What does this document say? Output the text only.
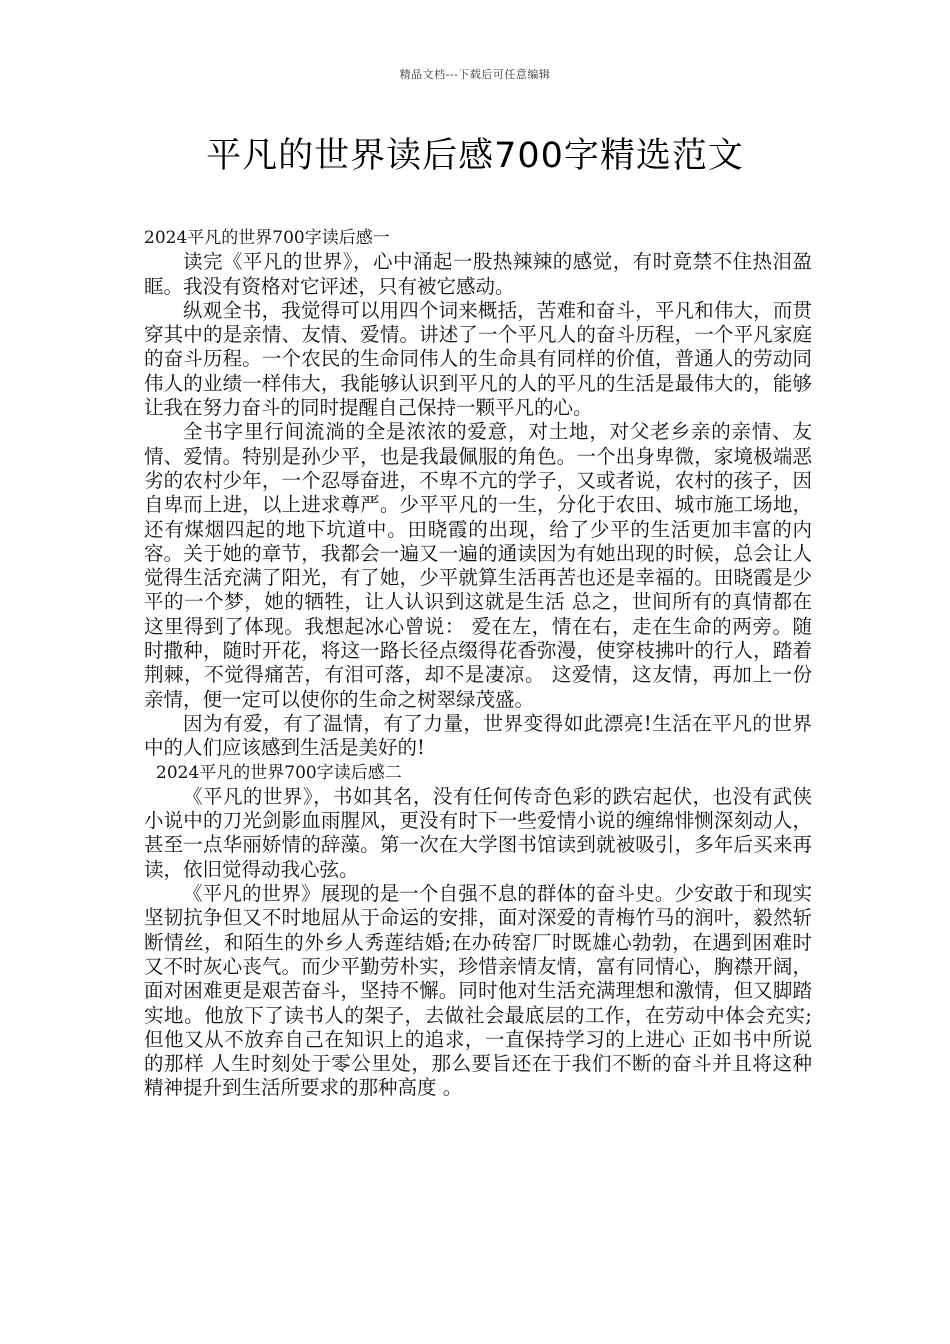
精品文档---下载后可任意编辑
平凡的世界读后感700字精选范文

2024平凡的世界700字读后感一

读完《平凡的世界》，心中涌起一股热辣辣的感觉，有时竟禁不住热泪盈眶。我没有资格对它评述，只有被它感动。

纵观全书，我觉得可以用四个词来概括，苦难和奋斗，平凡和伟大，而贯穿其中的是亲情、友情、爱情。讲述了一个平凡人的奋斗历程，一个平凡家庭的奋斗历程。一个农民的生命同伟人的生命具有同样的价值，普通人的劳动同伟人的业绩一样伟大，我能够认识到平凡的人的平凡的生活是最伟大的，能够让我在努力奋斗的同时提醒自己保持一颗平凡的心。

全书字里行间流淌的全是浓浓的爱意，对土地，对父老乡亲的亲情、友情、爱情。特别是孙少平，也是我最佩服的角色。一个出身卑微，家境极端恶劣的农村少年，一个忍辱奋进，不卑不亢的学子，又或者说，农村的孩子，因自卑而上进，以上进求尊严。少平平凡的一生，分化于农田、城市施工场地，还有煤烟四起的地下坑道中。田晓霞的出现，给了少平的生活更加丰富的内容。关于她的章节，我都会一遍又一遍的通读因为有她出现的时候，总会让人觉得生活充满了阳光，有了她，少平就算生活再苦也还是幸福的。田晓霞是少平的一个梦，她的牺牲，让人认识到这就是生活 总之，世间所有的真情都在这里得到了体现。我想起冰心曾说： 爱在左，情在右，走在生命的两旁。随时撒种，随时开花，将这一路长径点缀得花香弥漫，使穿枝拂叶的行人，踏着荆棘，不觉得痛苦，有泪可落，却不是凄凉。 这爱情，这友情，再加上一份亲情，便一定可以使你的生命之树翠绿茂盛。

因为有爱，有了温情，有了力量，世界变得如此漂亮!生活在平凡的世界中的人们应该感到生活是美好的!

2024平凡的世界700字读后感二

《平凡的世界》，书如其名，没有任何传奇色彩的跌宕起伏，也没有武侠小说中的刀光剑影血雨腥风，更没有时下一些爱情小说的缠绵悱恻深刻动人，甚至一点华丽娇情的辞藻。第一次在大学图书馆读到就被吸引，多年后买来再读，依旧觉得动我心弦。

《平凡的世界》展现的是一个自强不息的群体的奋斗史。少安敢于和现实坚韧抗争但又不时地屈从于命运的安排，面对深爱的青梅竹马的润叶，毅然斩断情丝，和陌生的外乡人秀莲结婚;在办砖窑厂时既雄心勃勃，在遇到困难时又不时灰心丧气。而少平勤劳朴实，珍惜亲情友情，富有同情心，胸襟开阔，面对困难更是艰苦奋斗，坚持不懈。同时他对生活充满理想和激情，但又脚踏实地。他放下了读书人的架子，去做社会最底层的工作，在劳动中体会充实;但他又从不放弃自己在知识上的追求，一直保持学习的上进心 正如书中所说的那样 人生时刻处于零公里处，那么要旨还在于我们不断的奋斗并且将这种精神提升到生活所要求的那种高度 。
